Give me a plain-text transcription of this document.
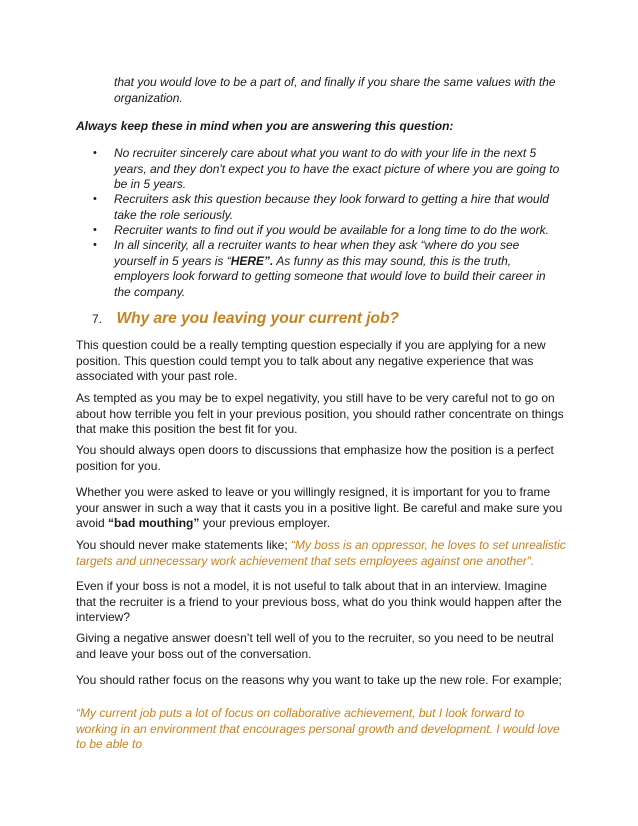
that you would love to be a part of, and finally if you share the same values with the
organization.
Always keep these in mind when you are answering this question:
• No recruiter sincerely care about what you want to do with your life in the next 5 years, and they don't expect you to have the exact picture of where you are going to be in 5 years.
• Recruiters ask this question because they look forward to getting a hire that would take the role seriously.
• Recruiter wants to find out if you would be available for a long time to do the work.
• In all sincerity, all a recruiter wants to hear when they ask “where do you see yourself in 5 years is “HERE”. As funny as this may sound, this is the truth, employers look forward to getting someone that would love to build their career in the company.
7. Why are you leaving your current job?
This question could be a really tempting question especially if you are applying for a new position. This question could tempt you to talk about any negative experience that was associated with your past role.
As tempted as you may be to expel negativity, you still have to be very careful not to go on about how terrible you felt in your previous position, you should rather concentrate on things that make this position the best fit for you.
You should always open doors to discussions that emphasize how the position is a perfect position for you.
Whether you were asked to leave or you willingly resigned, it is important for you to frame your answer in such a way that it casts you in a positive light. Be careful and make sure you avoid “bad mouthing” your previous employer.
You should never make statements like; “My boss is an oppressor, he loves to set unrealistic targets and unnecessary work achievement that sets employees against one another”.
Even if your boss is not a model, it is not useful to talk about that in an interview. Imagine that the recruiter is a friend to your previous boss, what do you think would happen after the interview?
Giving a negative answer doesn’t tell well of you to the recruiter, so you need to be neutral and leave your boss out of the conversation.
You should rather focus on the reasons why you want to take up the new role. For example;
“My current job puts a lot of focus on collaborative achievement, but I look forward to working in an environment that encourages personal growth and development. I would love to be able to
